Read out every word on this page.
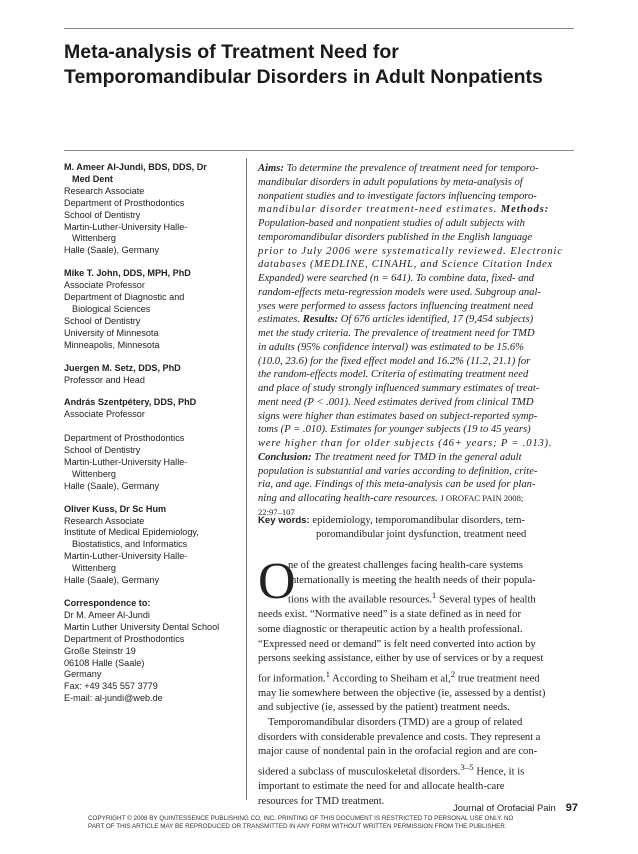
Meta-analysis of Treatment Need for
Temporomandibular Disorders in Adult Nonpatients
M. Ameer Al-Jundi, BDS, DDS, Dr
Med Dent
Research Associate
Department of Prosthodontics
School of Dentistry
Martin-Luther-University Halle-
Wittenberg
Halle (Saale), Germany
Mike T. John, DDS, MPH, PhD
Associate Professor
Department of Diagnostic and
Biological Sciences
School of Dentistry
University of Minnesota
Minneapolis, Minnesota
Juergen M. Setz, DDS, PhD
Professor and Head
András Szentpétery, DDS, PhD
Associate Professor
Department of Prosthodontics
School of Dentistry
Martin-Luther-University Halle-
Wittenberg
Halle (Saale), Germany
Oliver Kuss, Dr Sc Hum
Research Associate
Institute of Medical Epidemiology,
Biostatistics, and Informatics
Martin-Luther-University Halle-
Wittenberg
Halle (Saale), Germany
Correspondence to:
Dr M. Ameer Al-Jundi
Martin Luther University Dental School
Department of Prosthodontics
Große Steinstr 19
06108 Halle (Saale)
Germany
Fax: +49 345 557 3779
E-mail: al-jundi@web.de
Aims: To determine the prevalence of treatment need for temporo-
mandibular disorders in adult populations by meta-analysis of
nonpatient studies and to investigate factors influencing temporo-
mandibular disorder treatment-need estimates. Methods:
Population-based and nonpatient studies of adult subjects with
temporomandibular disorders published in the English language
prior to July 2006 were systematically reviewed. Electronic
databases (MEDLINE, CINAHL, and Science Citation Index
Expanded) were searched (n = 641). To combine data, fixed- and
random-effects meta-regression models were used. Subgroup anal-
yses were performed to assess factors influencing treatment need
estimates. Results: Of 676 articles identified, 17 (9,454 subjects)
met the study criteria. The prevalence of treatment need for TMD
in adults (95% confidence interval) was estimated to be 15.6%
(10.0, 23.6) for the fixed effect model and 16.2% (11.2, 21.1) for
the random-effects model. Criteria of estimating treatment need
and place of study strongly influenced summary estimates of treat-
ment need (P < .001). Need estimates derived from clinical TMD
signs were higher than estimates based on subject-reported symp-
toms (P = .010). Estimates for younger subjects (19 to 45 years)
were higher than for older subjects (46+ years; P = .013).
Conclusion: The treatment need for TMD in the general adult
population is substantial and varies according to definition, crite-
ria, and age. Findings of this meta-analysis can be used for plan-
ning and allocating health-care resources. J OROFAC PAIN 2008;
22:97–107
Key words: epidemiology, temporomandibular disorders, tem-
poromandibular joint dysfunction, treatment need
O
ne of the greatest challenges facing health-care systems
internationally is meeting the health needs of their popula-
tions with the available resources.$^1$ Several types of health
needs exist. “Normative need” is a state defined as in need for
some diagnostic or therapeutic action by a health professional.
“Expressed need or demand” is felt need converted into action by
persons seeking assistance, either by use of services or by a request
for information.$^1$ According to Sheiham et al,$^2$ true treatment need
may lie somewhere between the objective (ie, assessed by a dentist)
and subjective (ie, assessed by the patient) treatment needs.
Temporomandibular disorders (TMD) are a group of related
disorders with considerable prevalence and costs. They represent a
major cause of nondental pain in the orofacial region and are con-
sidered a subclass of musculoskeletal disorders.$^{3-5}$ Hence, it is
important to estimate the need for and allocate health-care
resources for TMD treatment.
Journal of Orofacial Pain 97
COPYRIGHT © 2008 BY QUINTESSENCE PUBLISHING CO, INC. PRINTING OF THIS DOCUMENT IS RESTRICTED TO PERSONAL USE ONLY. NO
PART OF THIS ARTICLE MAY BE REPRODUCED OR TRANSMITTED IN ANY FORM WITHOUT WRITTEN PERMISSION FROM THE PUBLISHER.
